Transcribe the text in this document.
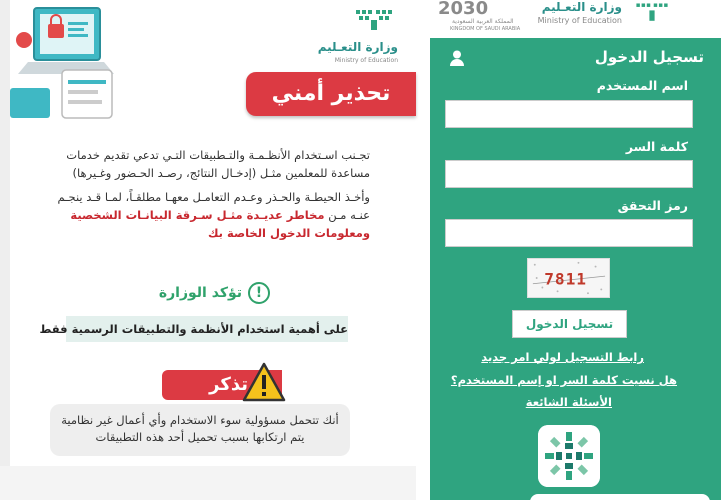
وزارة التعـليم
Ministry of Education
تحذير أمني

تجـنب اسـتخدام الأنظـمـة والتـطبيقات التـي تدعي تقديم خدمات مساعدة للمعلمين مثـل (إدخـال النتائج، رصـد الحـضور وغـيرها)

وأخـذ الحيطـة والحـذر وعـدم التعامـل معهـا مطلقـاً، لمـا قـد ينجـم عنـه مـن مخاطر عديـدة مثـل سـرقة البيانـات الشخصية ومعلومات الدخول الخاصة بك

!
تؤكد الوزارة
على أهمية استخدام الأنظمة والتطبيقات الرسمية فقط
تذكر
أنك تتحمل مسؤولية سوء الاستخدام وأي أعمال غير نظامية
يتم ارتكابها بسبب تحميل أحد هذه التطبيقات
2030
المملكة العربية السعودية
KINGDOM OF SAUDI ARABIA
وزارة التعـليم
Ministry of Education
تسجيل الدخول
اسم المستخدم
كلمة السر
رمز التحقق
7811
تسجيل الدخول
رابط التسجيل لولي امر جديد
هل نسيت كلمة السر او إسم المستخدم؟
الأسئلة الشائعة
